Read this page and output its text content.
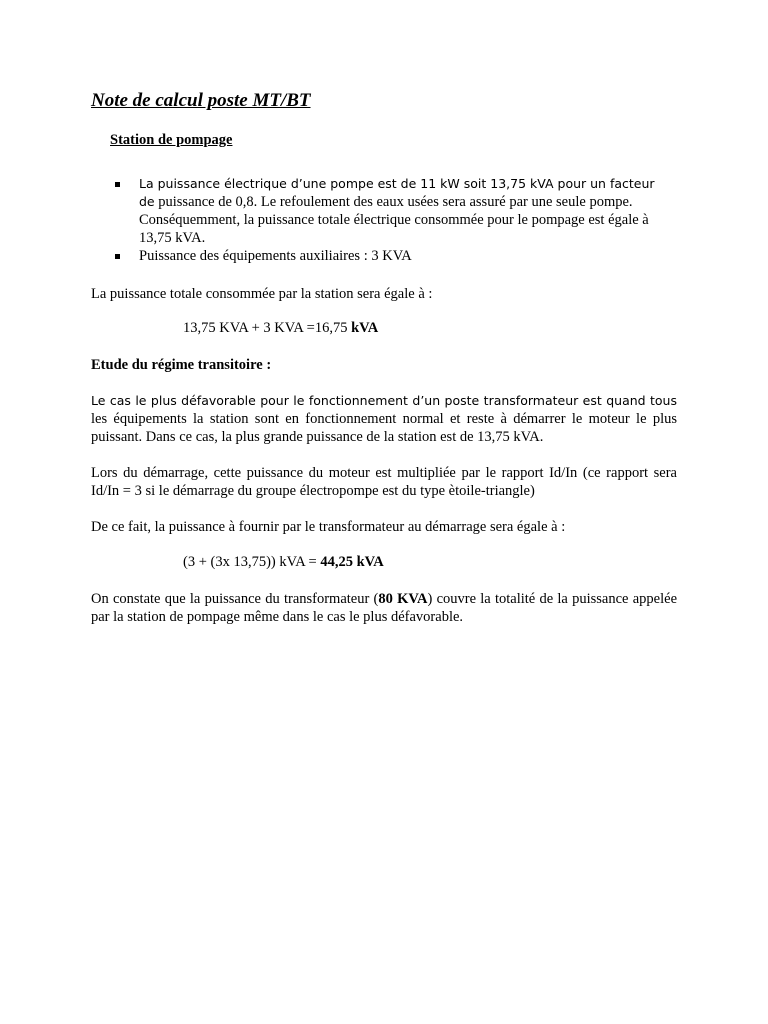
Note de calcul poste MT/BT

Station de pompage

La puissance électrique d’une pompe est de 11 kW soit 13,75 kVA pour un facteur de puissance de 0,8. Le refoulement des eaux usées sera assuré par une seule pompe. Conséquemment, la puissance totale électrique consommée pour le pompage est égale à 13,75 kVA.
Puissance des équipements auxiliaires : 3 KVA

La puissance totale consommée par la station sera égale à :

13,75 KVA + 3 KVA =16,75 kVA

Etude du régime transitoire :

Le cas le plus défavorable pour le fonctionnement d’un poste transformateur est quand tous les équipements la station sont en fonctionnement normal et reste à démarrer le moteur le plus puissant. Dans ce cas, la plus grande puissance de la station est de 13,75 kVA.

Lors du démarrage, cette puissance du moteur est multipliée par le rapport Id/In (ce rapport sera Id/In = 3 si le démarrage du groupe électropompe est du type ètoile-triangle)

De ce fait, la puissance à fournir par le transformateur au démarrage sera égale à :

(3 + (3x 13,75)) kVA = 44,25 kVA

On constate que la puissance du transformateur (80 KVA) couvre la totalité de la puissance appelée par la station de pompage même dans le cas le plus défavorable.
